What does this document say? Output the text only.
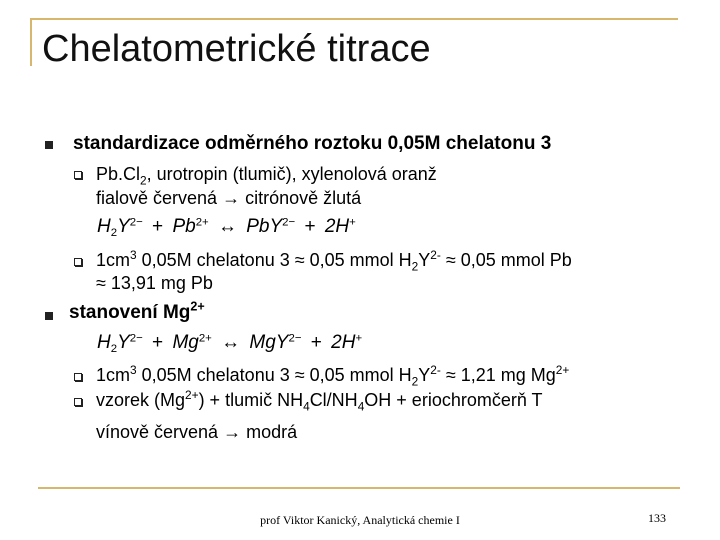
Chelatometrické titrace
standardizace odměrného roztoku 0,05M chelatonu 3
$Pb.Cl_2$, urotropin (tlumič), xylenolová oranž
fialově červená → citrónově žlutá
$H_2Y^{2-} + Pb^{2+}$ ↔ PbY$^{2-}$ + 2H+
$1cm^3$ 0,05M chelatonu 3 ≈ 0,05 mmol $H_2Y^{2-} \approx 0,05$ mmol Pb
≈ 13,91 mg Pb
stanovení $Mg^{2+}$
$H_2Y^{2-} + Mg^{2+}$ ↔ MgY$^{2-}$ + 2H+
$1cm^3$ 0,05M chelatonu 3 ≈ 0,05 mmol $H_2Y^{2-} \approx 1,21$ mg $Mg^{2+}$
vzorek $(Mg^{2+})$ + tlumič $NH_4Cl/NH_4OH$ + eriochromčerň T
vínově červená → modrá
prof Viktor Kanický, Analytická chemie I	133
